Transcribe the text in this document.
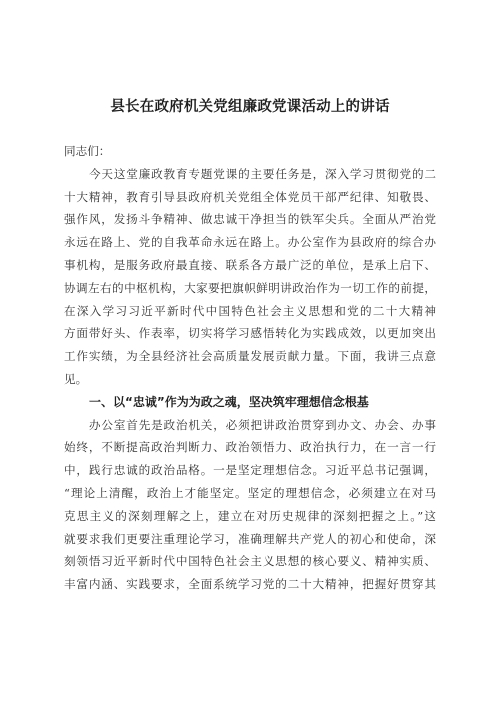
县长在政府机关党组廉政党课活动上的讲话
同志们：
今天这堂廉政教育专题党课的主要任务是，深入学习贯彻党的二
十大精神，教育引导县政府机关党组全体党员干部严纪律、知敬畏、
强作风，发扬斗争精神、做忠诚干净担当的铁军尖兵。全面从严治党
永远在路上、党的自我革命永远在路上。办公室作为县政府的综合办
事机构，是服务政府最直接、联系各方最广泛的单位，是承上启下、
协调左右的中枢机构，大家要把旗帜鲜明讲政治作为一切工作的前提，
在深入学习习近平新时代中国特色社会主义思想和党的二十大精神
方面带好头、作表率，切实将学习感悟转化为实践成效，以更加突出
工作实绩，为全县经济社会高质量发展贡献力量。下面，我讲三点意
见。
一、以“忠诚”作为为政之魂，坚决筑牢理想信念根基
办公室首先是政治机关，必须把讲政治贯穿到办文、办会、办事
始终，不断提高政治判断力、政治领悟力、政治执行力，在一言一行
中，践行忠诚的政治品格。一是坚定理想信念。习近平总书记强调，
“理论上清醒，政治上才能坚定。坚定的理想信念，必须建立在对马
克思主义的深刻理解之上，建立在对历史规律的深刻把握之上。”这
就要求我们更要注重理论学习，准确理解共产党人的初心和使命，深
刻领悟习近平新时代中国特色社会主义思想的核心要义、精神实质、
丰富内涵、实践要求，全面系统学习党的二十大精神，把握好贯穿其
